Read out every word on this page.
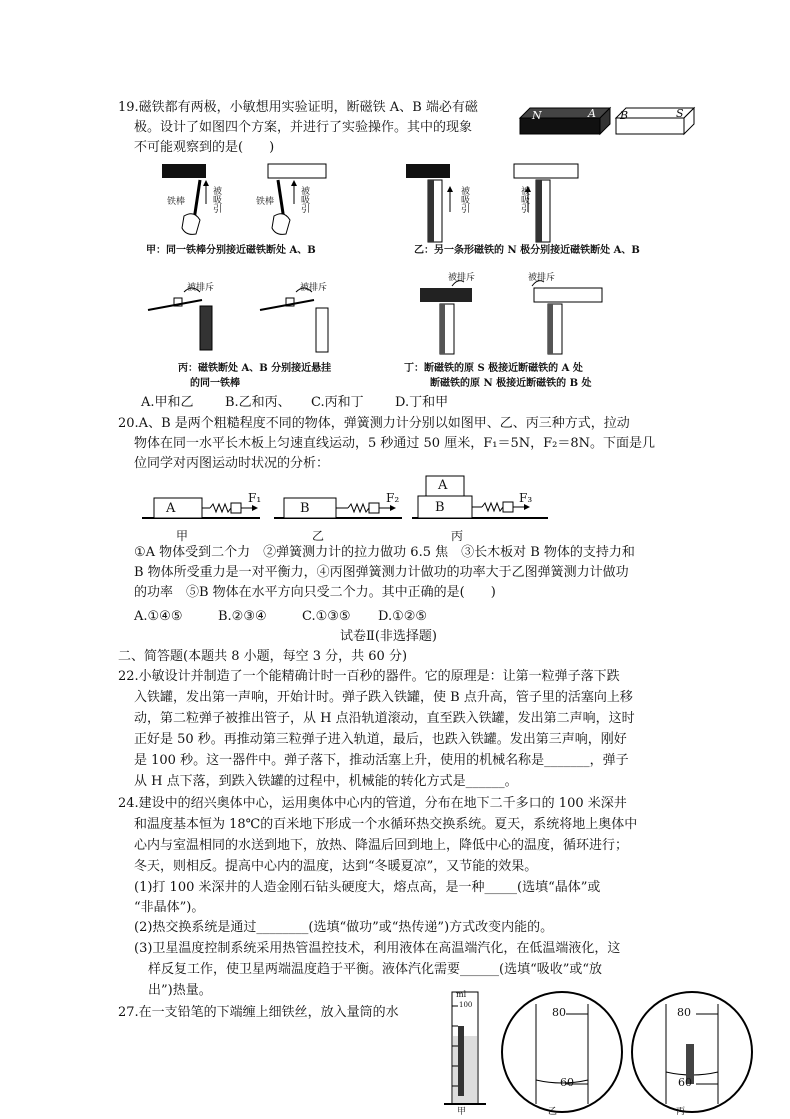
19.磁铁都有两极，小敏想用实验证明，断磁铁 A、B 端必有磁
极。设计了如图四个方案，并进行了实验操作。其中的现象
不可能观察到的是(　　)
N	A B	S
铁棒	被吸引	铁棒	被吸引
甲：同一铁棒分别接近磁铁断处 A、B
被吸引	被吸引
乙：另一条形磁铁的 N 极分别接近磁铁断处 A、B
被排斥	被排斥
丙：磁铁断处 A、B 分别接近悬挂
的同一铁棒
被排斥	被排斥
丁：断磁铁的原 S 极接近断磁铁的 A 处
断磁铁的原 N 极接近断磁铁的 B 处
A.甲和乙 B.乙和丙、 C.丙和丁 D.丁和甲
20.A、B 是两个粗糙程度不同的物体，弹簧测力计分别以如图甲、乙、丙三种方式，拉动
物体在同一水平长木板上匀速直线运动，5 秒通过 50 厘米，F₁＝5N，F₂＝8N。下面是几
位同学对丙图运动时状况的分析：
A	B
A
B
F₁	F₂	F₃
甲	乙	丙
①A 物体受到二个力　②弹簧测力计的拉力做功 6.5 焦　③长木板对 B 物体的支持力和
B 物体所受重力是一对平衡力，④丙图弹簧测力计做功的功率大于乙图弹簧测力计做功
的功率　⑤B 物体在水平方向只受二个力。其中正确的是(　　)
A.①④⑤	B.②③④	C.①③⑤ D.①②⑤
试卷Ⅱ(非选择题)
二、简答题(本题共 8 小题，每空 3 分，共 60 分)
22.小敏设计并制造了一个能精确计时一百秒的器件。它的原理是：让第一粒弹子落下跌
入铁罐，发出第一声响，开始计时。弹子跌入铁罐，使 B 点升高，管子里的活塞向上移
动，第二粒弹子被推出管子，从 H 点沿轨道滚动，直至跌入铁罐，发出第二声响，这时
正好是 50 秒。再推动第三粒弹子进入轨道，最后，也跌入铁罐。发出第三声响，刚好
是 100 秒。这一器件中。弹子落下，推动活塞上升，使用的机械名称是_______，弹子
从 H 点下落，到跌入铁罐的过程中，机械能的转化方式是______。
24.建设中的绍兴奥体中心，运用奥体中心内的管道，分布在地下二千多口的 100 米深井
和温度基本恒为 18℃的百米地下形成一个水循环热交换系统。夏天，系统将地上奥体中
心内与室温相同的水送到地下，放热、降温后回到地上，降低中心的温度，循环进行；
冬天，则相反。提高中心内的温度，达到“冬暖夏凉”，又节能的效果。
(1)打 100 米深井的人造金刚石钻头硬度大，熔点高，是一种_____(选填“晶体”或
“非晶体”)。
(2)热交换系统是通过________(选填“做功”或“热传递”)方式改变内能的。
(3)卫星温度控制系统采用热管温控技术，利用液体在高温端汽化，在低温端液化，这
样反复工作，使卫星两端温度趋于平衡。液体汽化需要______(选填“吸收”或“放
出”)热量。
27.在一支铅笔的下端缠上细铁丝，放入量筒的水
ml
100
80
60
80
60
甲	乙	丙
